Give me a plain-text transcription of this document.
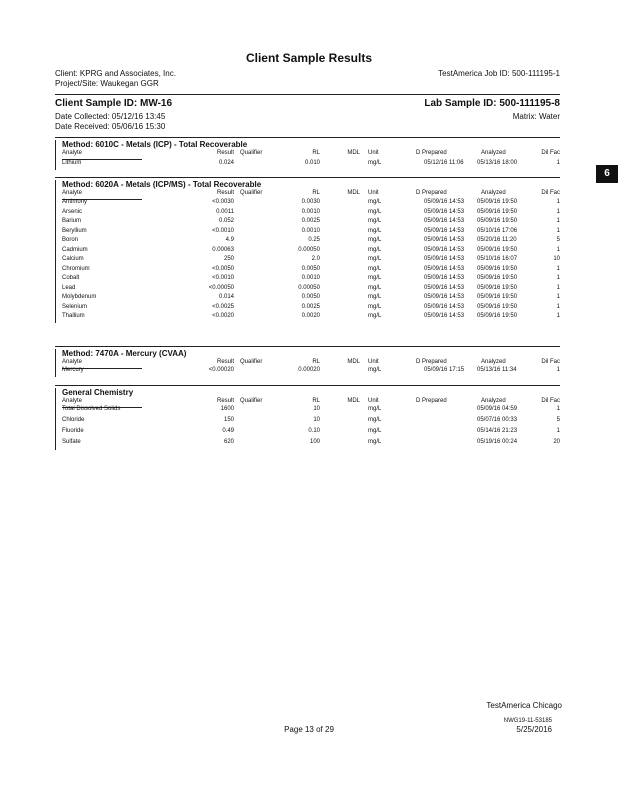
Client Sample Results
Client: KPRG and Associates, Inc.
Project/Site: Waukegan GGR
TestAmerica Job ID: 500-111195-1
Client Sample ID: MW-16	Lab Sample ID: 500-111195-8
Date Collected: 05/12/16 13:45	Matrix: Water
Date Received: 05/06/16 15:30
6
Method: 6010C - Metals (ICP) - Total Recoverable
Analyte	Result Qualifier	RL	MDL Unit	D Prepared	Analyzed	Dil Fac
Lithium	0.024	0.010	mg/L	05/12/16 11:06 05/13/16 18:00	1
Method: 6020A - Metals (ICP/MS) - Total Recoverable
Analyte	Result Qualifier	RL	MDL Unit	D Prepared	Analyzed	Dil Fac
Antimony	<0.0030	0.0030	mg/L	05/09/16 14:53 05/09/16 19:50	1
Arsenic	0.0011	0.0010	mg/L	05/09/16 14:53 05/09/16 19:50	1
Barium	0.052	0.0025	mg/L	05/09/16 14:53 05/09/16 19:50	1
Beryllium	<0.0010	0.0010	mg/L	05/09/16 14:53 05/10/16 17:06	1
Boron	4.9	0.25	mg/L	05/09/16 14:53 05/20/16 11:20	5
Cadmium	0.00063	0.00050	mg/L	05/09/16 14:53 05/09/16 19:50	1
Calcium	250	2.0	mg/L	05/09/16 14:53 05/10/16 16:07	10
Chromium	<0.0050	0.0050	mg/L	05/09/16 14:53 05/09/16 19:50	1
Cobalt	<0.0010	0.0010	mg/L	05/09/16 14:53 05/09/16 19:50	1
Lead	<0.00050	0.00050	mg/L	05/09/16 14:53 05/09/16 19:50	1
Molybdenum	0.014	0.0050	mg/L	05/09/16 14:53 05/09/16 19:50	1
Selenium	<0.0025	0.0025	mg/L	05/09/16 14:53 05/09/16 19:50	1
Thallium	<0.0020	0.0020	mg/L	05/09/16 14:53 05/09/16 19:50	1
Method: 7470A - Mercury (CVAA)
Analyte	Result Qualifier	RL	MDL Unit	D Prepared	Analyzed	Dil Fac
Mercury	<0.00020	0.00020	mg/L	05/09/16 17:15 05/13/16 11:34	1
General Chemistry
Analyte	Result Qualifier	RL	MDL Unit	D Prepared	Analyzed	Dil Fac
Total Dissolved Solids	1600	10	mg/L	05/09/16 04:59	1
Chloride	150	10	mg/L	05/07/16 00:33	5
Fluoride	0.49	0.10	mg/L	05/14/16 21:23	1
Sulfate	620	100	mg/L	05/19/16 00:24	20
TestAmerica Chicago
NWG19-11-53185
Page 13 of 29	5/25/2016
